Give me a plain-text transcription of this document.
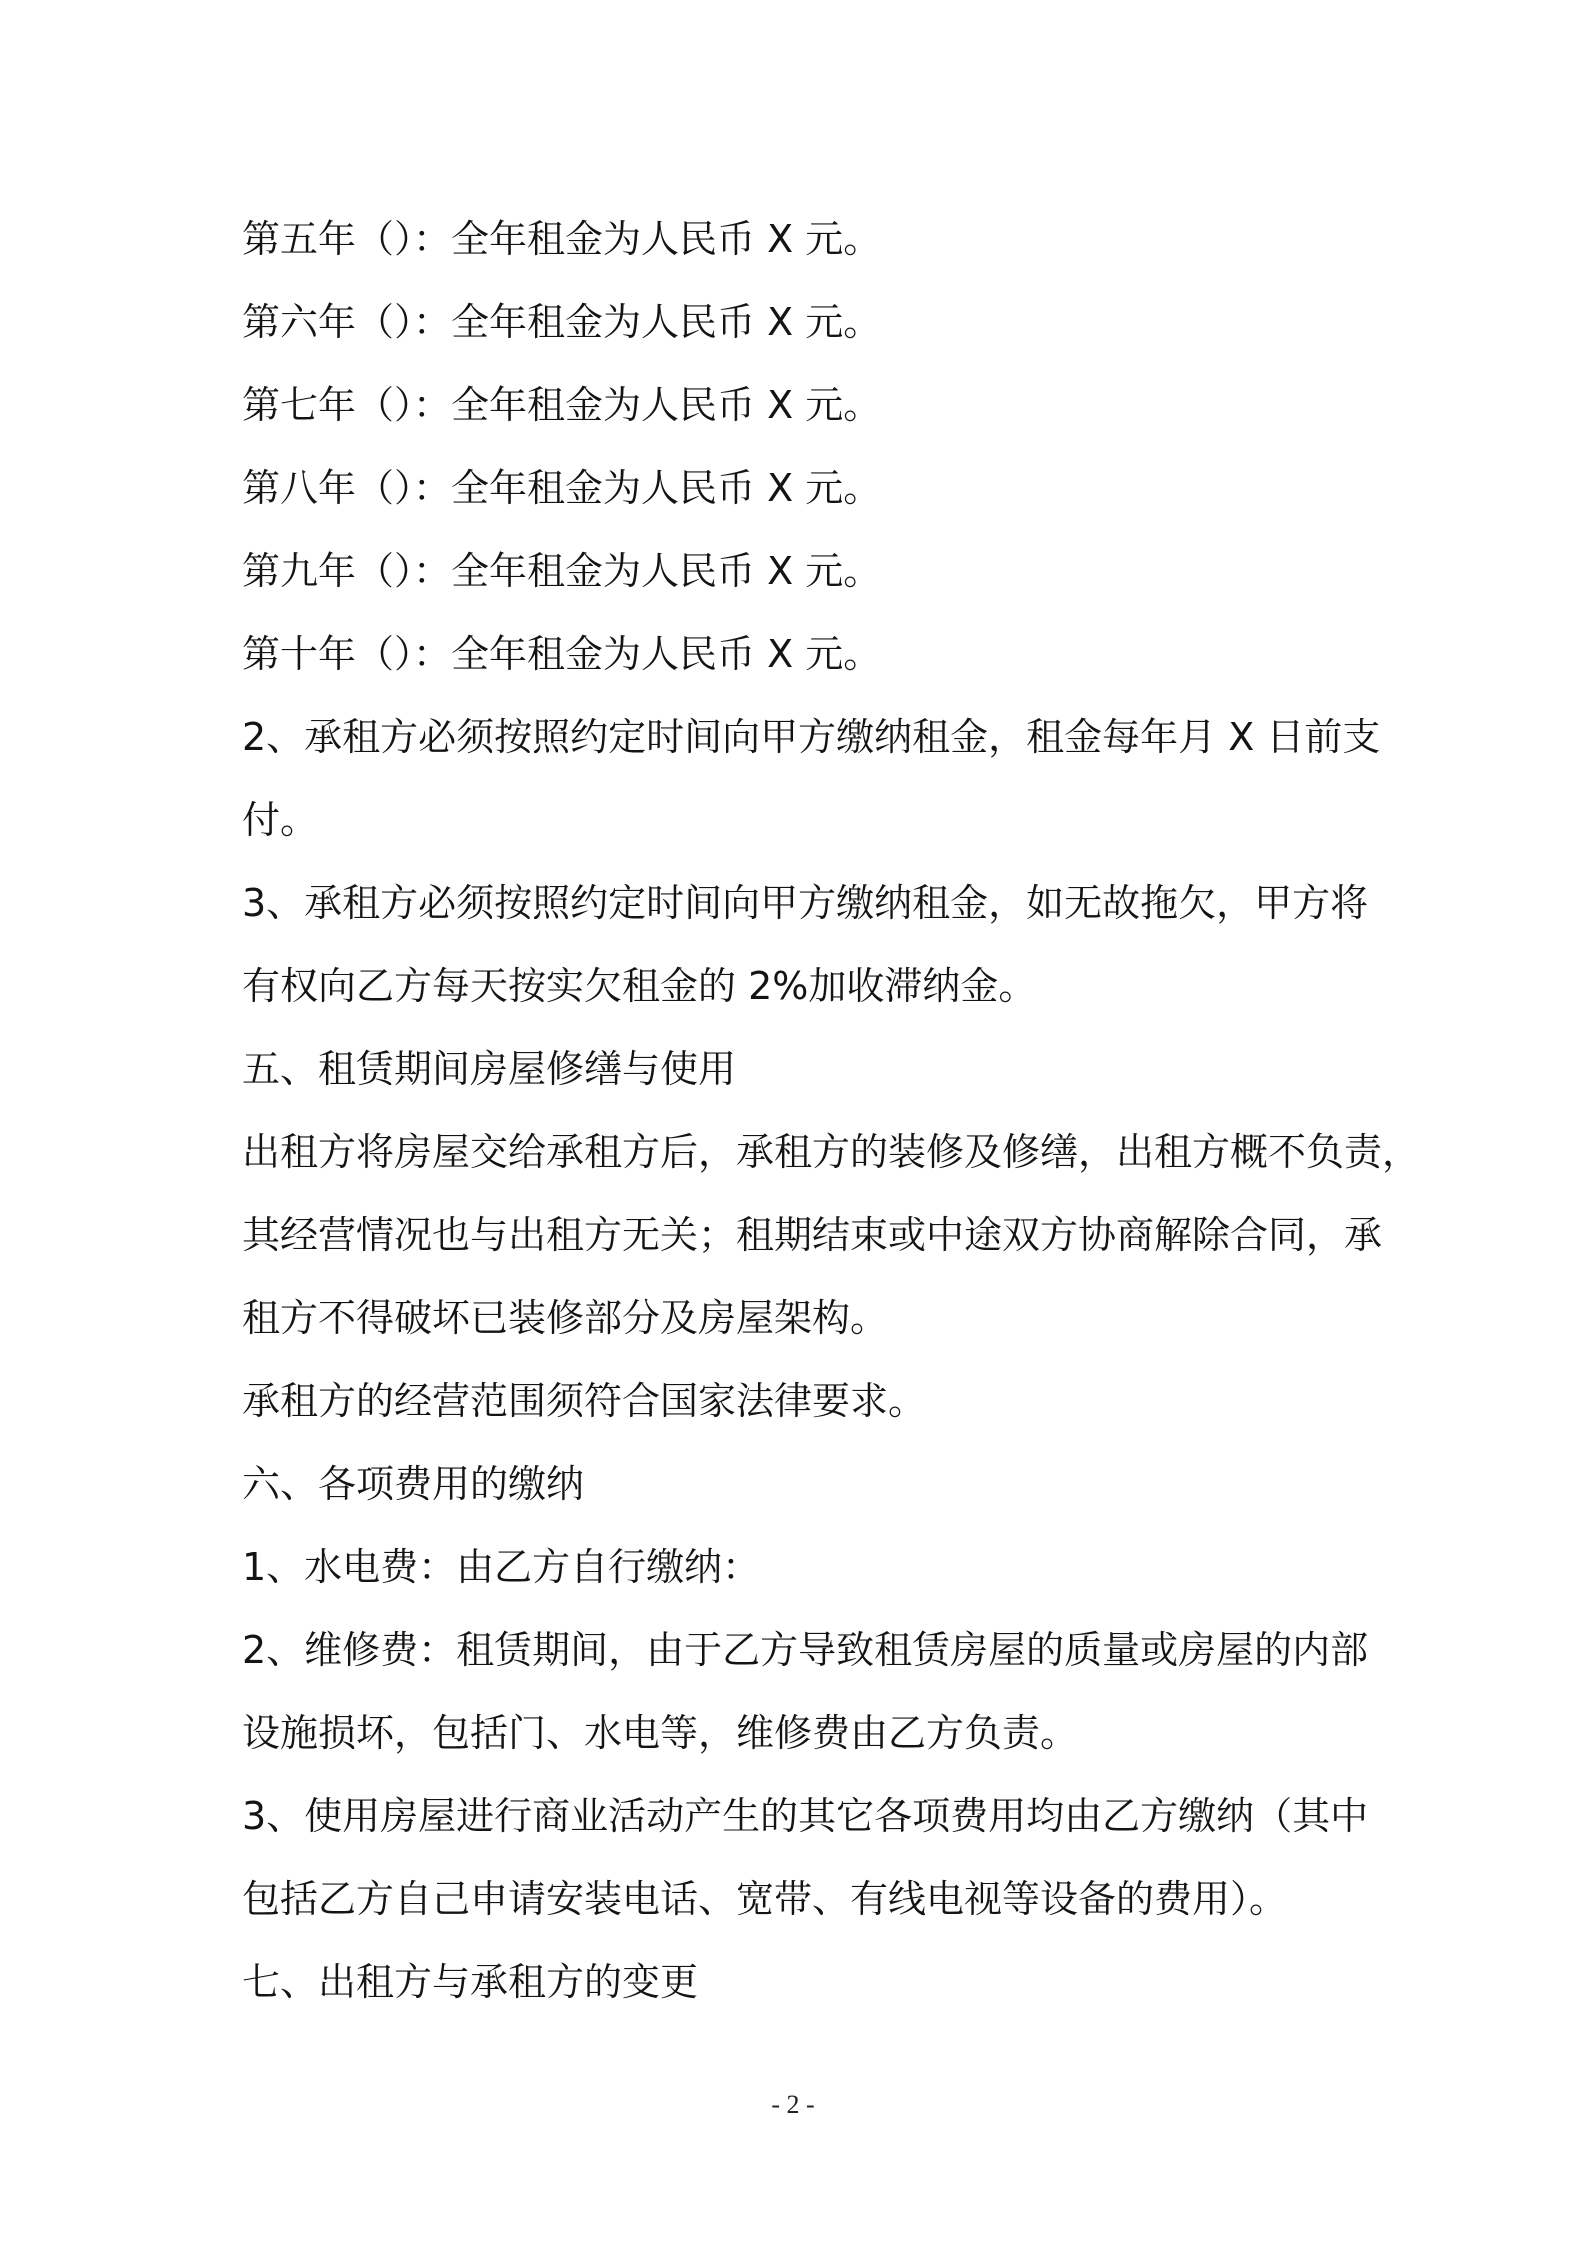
第五年（）：全年租金为人民币 X 元。
第六年（）：全年租金为人民币 X 元。
第七年（）：全年租金为人民币 X 元。
第八年（）：全年租金为人民币 X 元。
第九年（）：全年租金为人民币 X 元。
第十年（）：全年租金为人民币 X 元。
2、承租方必须按照约定时间向甲方缴纳租金，租金每年月 X 日前支
付。
3、承租方必须按照约定时间向甲方缴纳租金，如无故拖欠，甲方将
有权向乙方每天按实欠租金的 2%加收滞纳金。
五、租赁期间房屋修缮与使用
出租方将房屋交给承租方后，承租方的装修及修缮，出租方概不负责，
其经营情况也与出租方无关；租期结束或中途双方协商解除合同，承
租方不得破坏已装修部分及房屋架构。
承租方的经营范围须符合国家法律要求。
六、各项费用的缴纳
1、水电费：由乙方自行缴纳：
2、维修费：租赁期间，由于乙方导致租赁房屋的质量或房屋的内部
设施损坏，包括门、水电等，维修费由乙方负责。
3、使用房屋进行商业活动产生的其它各项费用均由乙方缴纳（其中
包括乙方自己申请安装电话、宽带、有线电视等设备的费用）。
七、出租方与承租方的变更
- 2 -
